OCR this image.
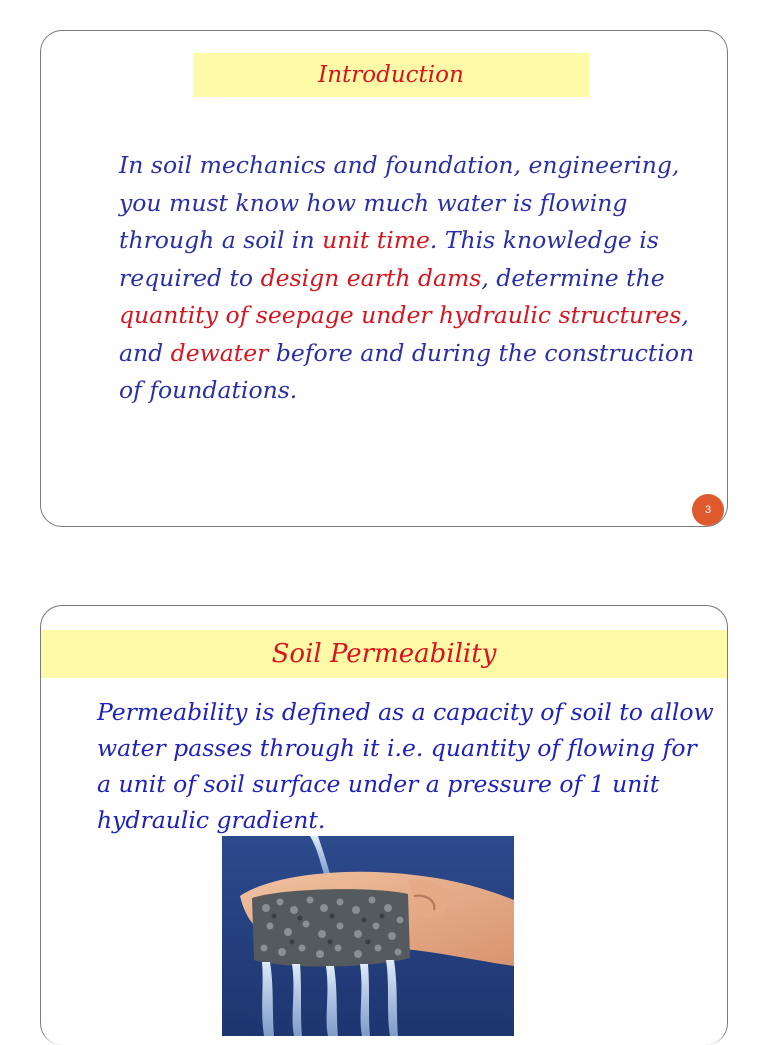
Introduction

In soil mechanics and foundation, engineering, you must know how much water is flowing through a soil in unit time. This knowledge is required to design earth dams, determine the quantity of seepage under hydraulic structures, and dewater before and during the construction of foundations.

3
Soil Permeability

Permeability is defined as a capacity of soil to allow water passes through it i.e. quantity of flowing for a unit of soil surface under a pressure of 1 unit hydraulic gradient.
